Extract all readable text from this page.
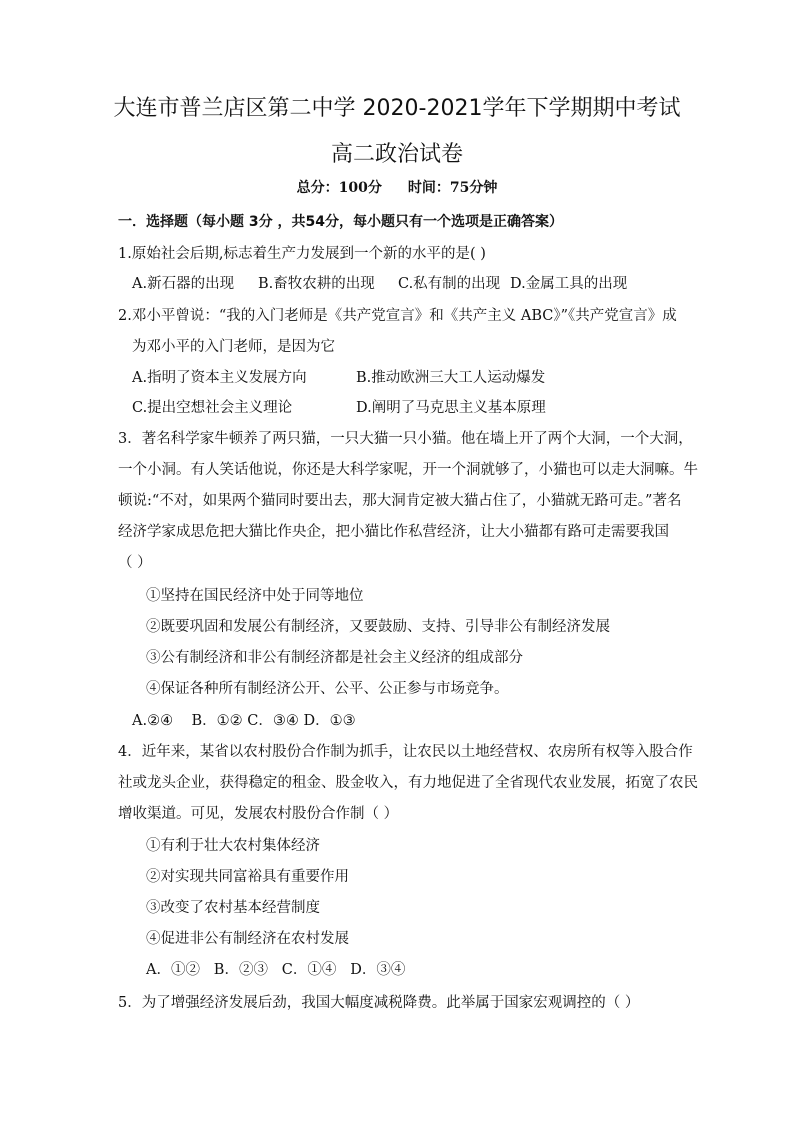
大连市普兰店区第二中学 2020-2021学年下学期期中考试
高二政治试卷
总分：100分 时间：75分钟
一．选择题（每小题 3分 ，共54分，每小题只有一个选项是正确答案）
1.原始社会后期,标志着生产力发展到一个新的水平的是( )
A.新石器的出现 B.畜牧农耕的出现 C.私有制的出现 D.金属工具的出现
2.邓小平曾说：“我的入门老师是《共产党宣言》和《共产主义 ABC》”《共产党宣言》成
为邓小平的入门老师，是因为它
A.指明了资本主义发展方向	B.推动欧洲三大工人运动爆发
C.提出空想社会主义理论	D.阐明了马克思主义基本原理
3．著名科学家牛顿养了两只猫，一只大猫一只小猫。他在墙上开了两个大洞，一个大洞，
一个小洞。有人笑话他说，你还是大科学家呢，开一个洞就够了，小猫也可以走大洞嘛。牛
顿说:“不对，如果两个猫同时要出去，那大洞肯定被大猫占住了，小猫就无路可走。”著名
经济学家成思危把大猫比作央企，把小猫比作私营经济，让大小猫都有路可走需要我国
（ ）
①坚持在国民经济中处于同等地位
②既要巩固和发展公有制经济，又要鼓励、支持、引导非公有制经济发展
③公有制经济和非公有制经济都是社会主义经济的组成部分
④保证各种所有制经济公开、公平、公正参与市场竞争。
A.②④    B．①② C．③④ D．①③
4．近年来，某省以农村股份合作制为抓手，让农民以土地经营权、农房所有权等入股合作
社或龙头企业，获得稳定的租金、股金收入，有力地促进了全省现代农业发展，拓宽了农民
增收渠道。可见，发展农村股份合作制（ ）
①有利于壮大农村集体经济
②对实现共同富裕具有重要作用
③改变了农村基本经营制度
④促进非公有制经济在农村发展
A．①②   B．②③   C．①④   D．③④
5．为了增强经济发展后劲，我国大幅度减税降费。此举属于国家宏观调控的（ ）
